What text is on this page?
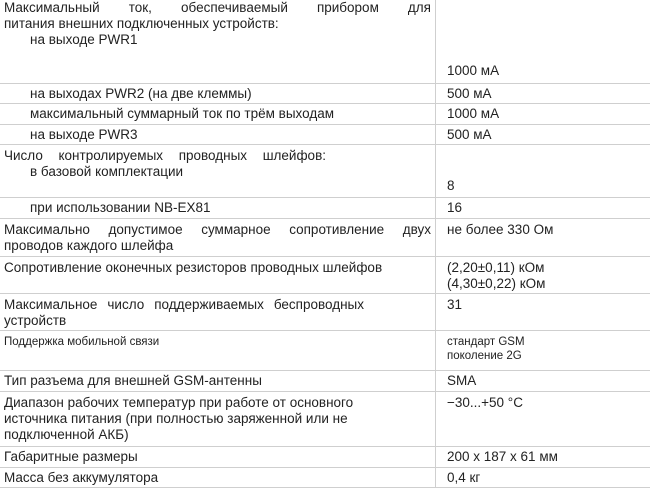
Максимальный ток, обеспечиваемый прибором для
питания внешних подключенных устройств:
на выходе PWR1	1000 мА

на выходах PWR2 (на две клеммы)	500 мА

максимальный суммарный ток по трём выходам	1000 мА

на выходе PWR3	500 мА

Число контролируемых проводных шлейфов:
в базовой комплектации	8

при использовании NB-EX81	16

Максимально допустимое суммарное сопротивление двух
проводов каждого шлейфа	не более 330 Ом

Сопротивление оконечных резисторов проводных шлейфов	(2,20±0,11) кОм
(4,30±0,22) кОм

Максимальное число поддерживаемых беспроводных
устройств	31

Поддержка мобильной связи	стандарт GSM
поколение 2G

Тип разъема для внешней GSM-антенны	SMA

Диапазон рабочих температур при работе от основного
источника питания (при полностью заряженной или не
подключенной АКБ)	−30...+50 °С

Габаритные размеры	200 x 187 x 61 мм

Масса без аккумулятора	0,4 кг
